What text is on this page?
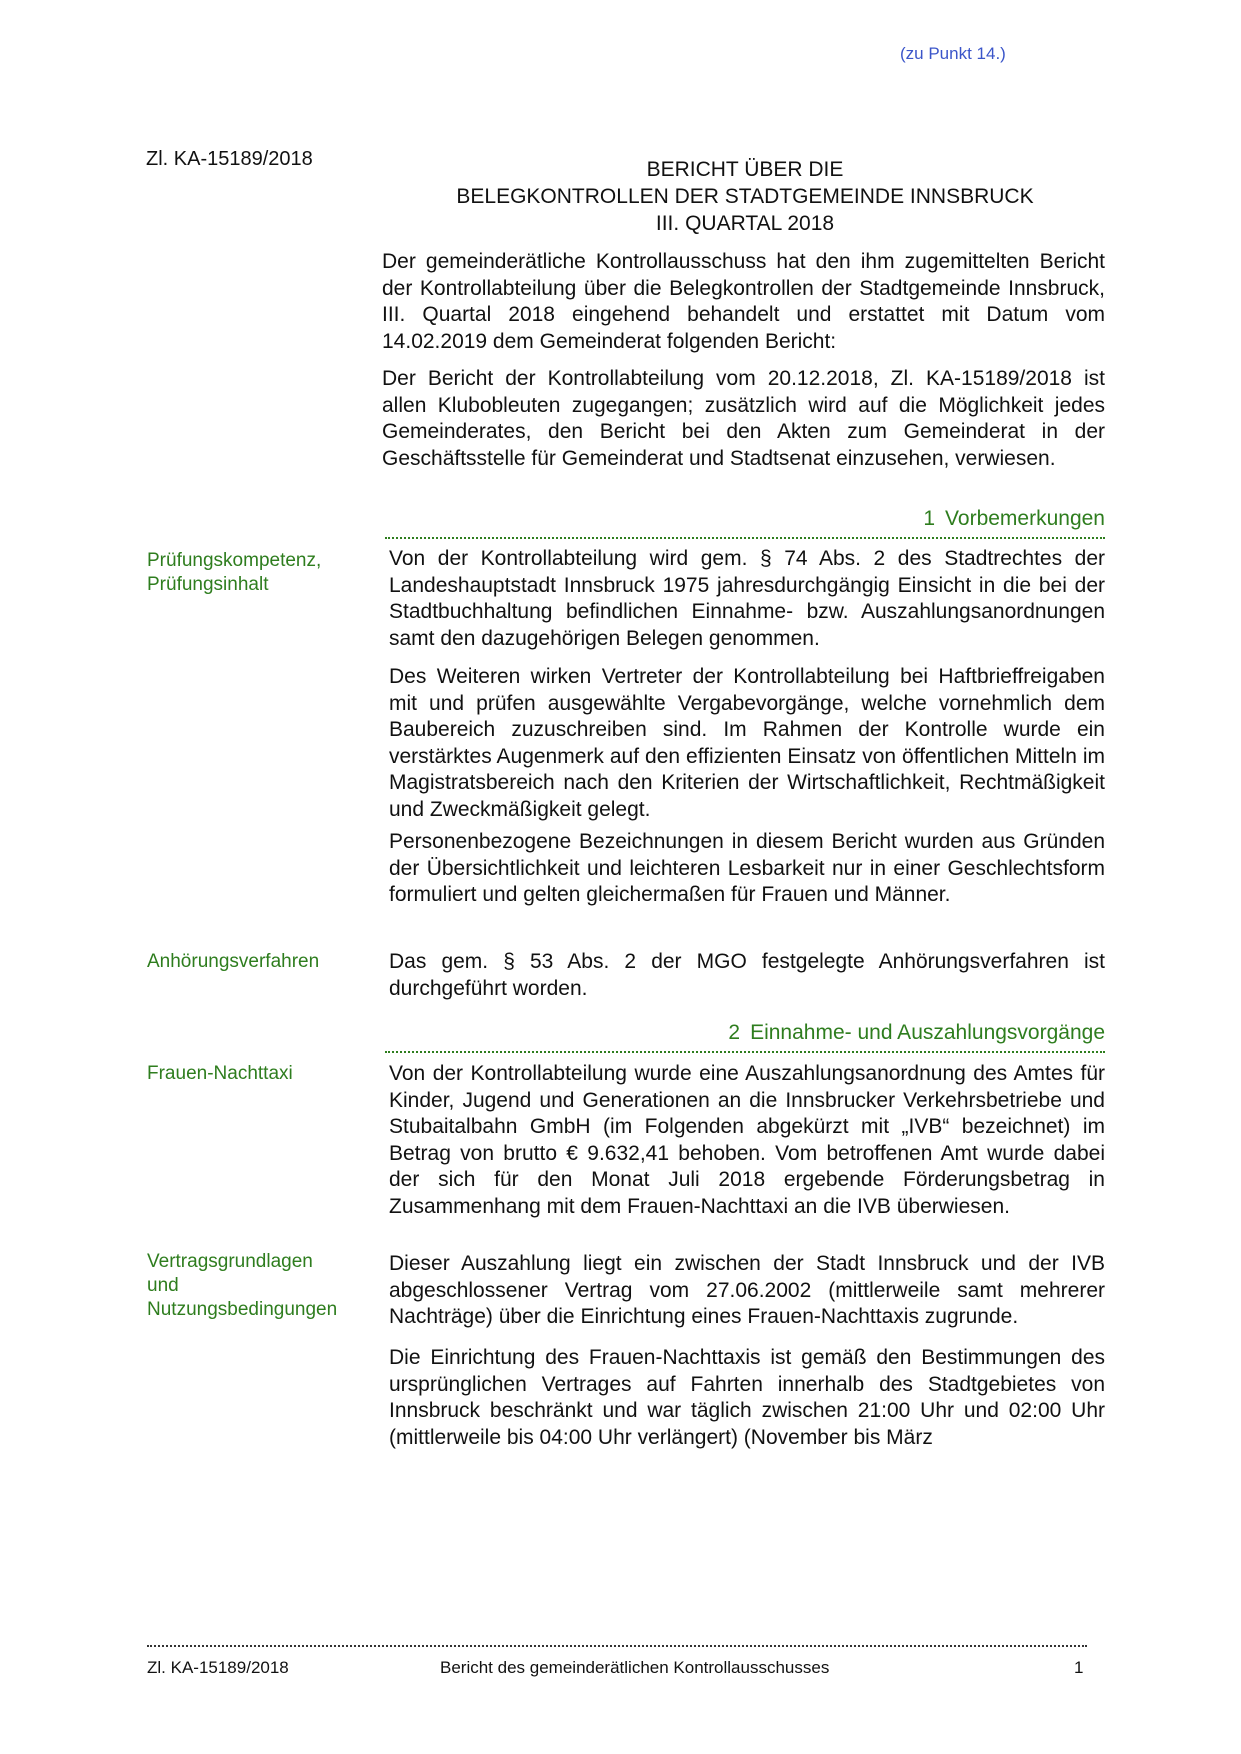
(zu Punkt 14.)
Zl. KA-15189/2018	BERICHT ÜBER DIE
BELEGKONTROLLEN DER STADTGEMEINDE INNSBRUCK
III. QUARTAL 2018
Der gemeinderätliche Kontrollausschuss hat den ihm zugemittelten Bericht der Kontrollabteilung über die Belegkontrollen der Stadtgemeinde Innsbruck, III. Quartal 2018 eingehend behandelt und erstattet mit Datum vom 14.02.2019 dem Gemeinderat folgenden Bericht:
Der Bericht der Kontrollabteilung vom 20.12.2018, Zl. KA-15189/2018 ist allen Klubobleuten zugegangen; zusätzlich wird auf die Möglichkeit jedes Gemeinderates, den Bericht bei den Akten zum Gemeinderat in der Geschäftsstelle für Gemeinderat und Stadtsenat einzusehen, verwiesen.
1 Vorbemerkungen
Prüfungskompetenz, Prüfungsinhalt
Von der Kontrollabteilung wird gem. § 74 Abs. 2 des Stadtrechtes der Landeshauptstadt Innsbruck 1975 jahresdurchgängig Einsicht in die bei der Stadtbuchhaltung befindlichen Einnahme- bzw. Auszahlungsanordnungen samt den dazugehörigen Belegen genommen.
Des Weiteren wirken Vertreter der Kontrollabteilung bei Haftbrieffreigaben mit und prüfen ausgewählte Vergabevorgänge, welche vornehmlich dem Baubereich zuzuschreiben sind. Im Rahmen der Kontrolle wurde ein verstärktes Augenmerk auf den effizienten Einsatz von öffentlichen Mitteln im Magistratsbereich nach den Kriterien der Wirtschaftlichkeit, Rechtmäßigkeit und Zweckmäßigkeit gelegt.
Personenbezogene Bezeichnungen in diesem Bericht wurden aus Gründen der Übersichtlichkeit und leichteren Lesbarkeit nur in einer Geschlechtsform formuliert und gelten gleichermaßen für Frauen und Männer.
Anhörungsverfahren	Das gem. § 53 Abs. 2 der MGO festgelegte Anhörungsverfahren ist durchgeführt worden.
2 Einnahme- und Auszahlungsvorgänge
Frauen-Nachttaxi	Von der Kontrollabteilung wurde eine Auszahlungsanordnung des Amtes für Kinder, Jugend und Generationen an die Innsbrucker Verkehrsbetriebe und Stubaitalbahn GmbH (im Folgenden abgekürzt mit „IVB“ bezeichnet) im Betrag von brutto € 9.632,41 behoben. Vom betroffenen Amt wurde dabei der sich für den Monat Juli 2018 ergebende Förderungsbetrag in Zusammenhang mit dem Frauen-Nachttaxi an die IVB überwiesen.
Vertragsgrundlagen und Nutzungsbedingungen
Dieser Auszahlung liegt ein zwischen der Stadt Innsbruck und der IVB abgeschlossener Vertrag vom 27.06.2002 (mittlerweile samt mehrerer Nachträge) über die Einrichtung eines Frauen-Nachttaxis zugrunde.
Die Einrichtung des Frauen-Nachttaxis ist gemäß den Bestimmungen des ursprünglichen Vertrages auf Fahrten innerhalb des Stadtgebietes von Innsbruck beschränkt und war täglich zwischen 21:00 Uhr und 02:00 Uhr (mittlerweile bis 04:00 Uhr verlängert) (November bis März
Zl. KA-15189/2018	Bericht des gemeinderätlichen Kontrollausschusses	1
